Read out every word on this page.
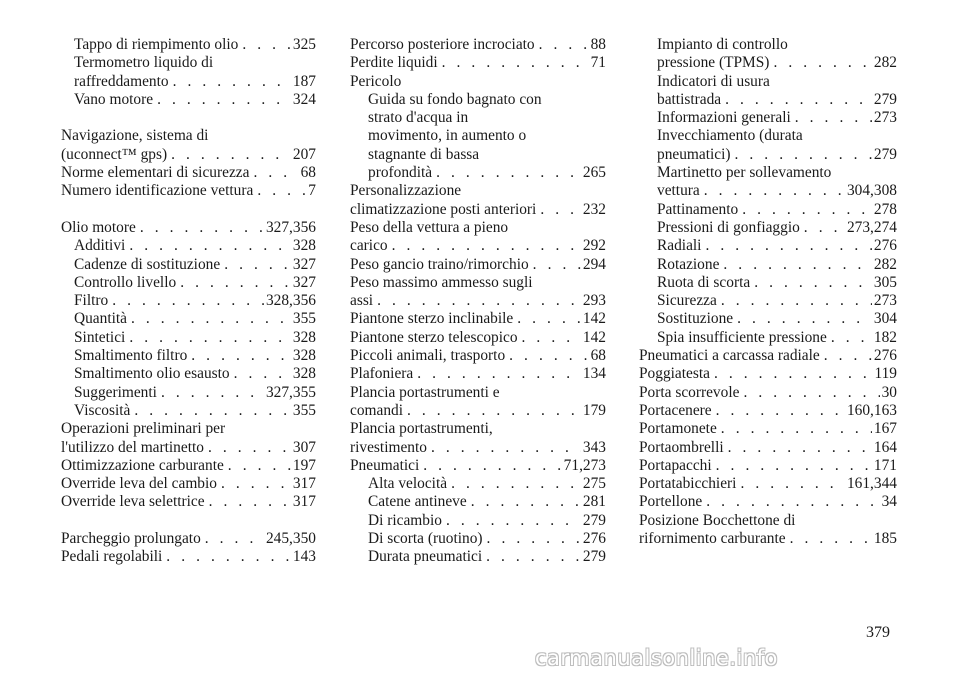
Tappo di riempimento olio . . .	325
Termometro liquido di
raffreddamento . . .	187
Vano motore . . .	324
Navigazione, sistema di
(uconnect™ gps) . . .	207
Norme elementari di sicurezza . . .	68
Numero identificazione vettura . . .	7
Olio motore . . .	327,356
Additivi . . .	328
Cadenze di sostituzione . . .	327
Controllo livello . . .	327
Filtro . . .	328,356
Quantità . . .	355
Sintetici . . .	328
Smaltimento filtro . . .	328
Smaltimento olio esausto . . .	328
Suggerimenti . . .	327,355
Viscosità . . .	355
Operazioni preliminari per
l'utilizzo del martinetto . . .	307
Ottimizzazione carburante . . .	197
Override leva del cambio . . .	317
Override leva selettrice . . .	317
Parcheggio prolungato . . .	245,350
Pedali regolabili . . .	143
Percorso posteriore incrociato . . .	88
Perdite liquidi . . .	71
Pericolo
Guida su fondo bagnato con
strato d'acqua in
movimento, in aumento o
stagnante di bassa
profondità . . .	265
Personalizzazione
climatizzazione posti anteriori . . .	232
Peso della vettura a pieno
carico . . .	292
Peso gancio traino/rimorchio . . .	294
Peso massimo ammesso sugli
assi . . .	293
Piantone sterzo inclinabile . . .	142
Piantone sterzo telescopico . . .	142
Piccoli animali, trasporto . . .	68
Plafoniera . . .	134
Plancia portastrumenti e
comandi . . .	179
Plancia portastrumenti,
rivestimento . . .	343
Pneumatici . . .	71,273
Alta velocità . . .	275
Catene antineve . . .	281
Di ricambio . . .	279
Di scorta (ruotino) . . .	276
Durata pneumatici . . .	279
Impianto di controllo
pressione (TPMS) . . .	282
Indicatori di usura
battistrada . . .	279
Informazioni generali . . .	273
Invecchiamento (durata
pneumatici) . . .	279
Martinetto per sollevamento
vettura . . .	304,308
Pattinamento . . .	278
Pressioni di gonfiaggio . . .	273,274
Radiali . . .	276
Rotazione . . .	282
Ruota di scorta . . .	305
Sicurezza . . .	273
Sostituzione . . .	304
Spia insufficiente pressione . . .	182
Pneumatici a carcassa radiale . . .	276
Poggiatesta . . .	119
Porta scorrevole . . .	30
Portacenere . . .	160,163
Portamonete . . .	167
Portaombrelli . . .	164
Portapacchi . . .	171
Portatabicchieri . . .	161,344
Portellone . . .	34
Posizione Bocchettone di
rifornimento carburante . . .	185
379
carmanualsonline.info
